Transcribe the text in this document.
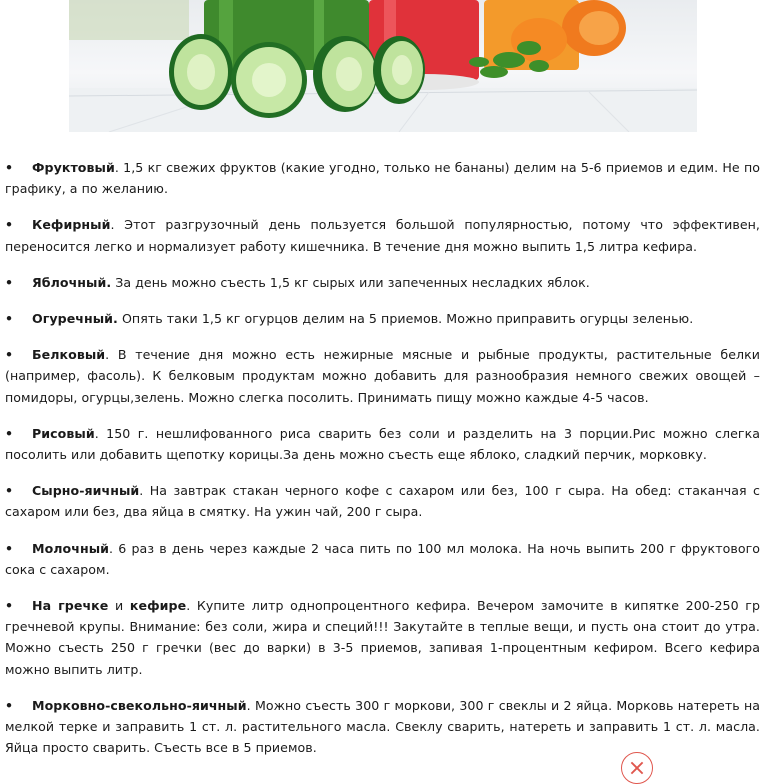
•Фруктовый. 1,5 кг свежих фруктов (какие угодно, только не бананы) делим на 5-6 приемов и едим. Не по графику, а по желанию.
•Кефирный. Этот разгрузочный день пользуется большой популярностью, потому что эффективен, переносится легко и нормализует работу кишечника. В течение дня можно выпить 1,5 литра кефира.
•Яблочный. За день можно съесть 1,5 кг сырых или запеченных несладких яблок.
•Огуречный. Опять таки 1,5 кг огурцов делим на 5 приемов. Можно приправить огурцы зеленью.
•Белковый. В течение дня можно есть нежирные мясные и рыбные продукты, растительные белки (например, фасоль). К белковым продуктам можно добавить для разнообразия немного свежих овощей – помидоры, огурцы,зелень. Можно слегка посолить. Принимать пищу можно каждые 4-5 часов.
•Рисовый. 150 г. нешлифованного риса сварить без соли и разделить на 3 порции.Рис можно слегка посолить или добавить щепотку корицы.За день можно съесть еще яблоко, сладкий перчик, морковку.
•Сырно-яичный. На завтрак стакан черного кофе с сахаром или без, 100 г сыра. На обед: стаканчая с сахаром или без, два яйца в смятку. На ужин чай, 200 г сыра.
•Молочный. 6 раз в день через каждые 2 часа пить по 100 мл молока. На ночь выпить 200 г фруктового сока с сахаром.
•На гречке и кефире. Купите литр однопроцентного кефира. Вечером замочите в кипятке 200-250 гр гречневой крупы. Внимание: без соли, жира и специй!!! Закутайте в теплые вещи, и пусть она стоит до утра. Можно съесть 250 г гречки (вес до варки) в 3-5 приемов, запивая 1-процентным кефиром. Всего кефира можно выпить литр.
•Морковно-свекольно-яичный. Можно съесть 300 г моркови, 300 г свеклы и 2 яйца. Морковь натереть на мелкой терке и заправить 1 ст. л. растительного масла. Свеклу сварить, натереть и заправить 1 ст. л. масла. Яйца просто сварить. Съесть все в 5 приемов.
